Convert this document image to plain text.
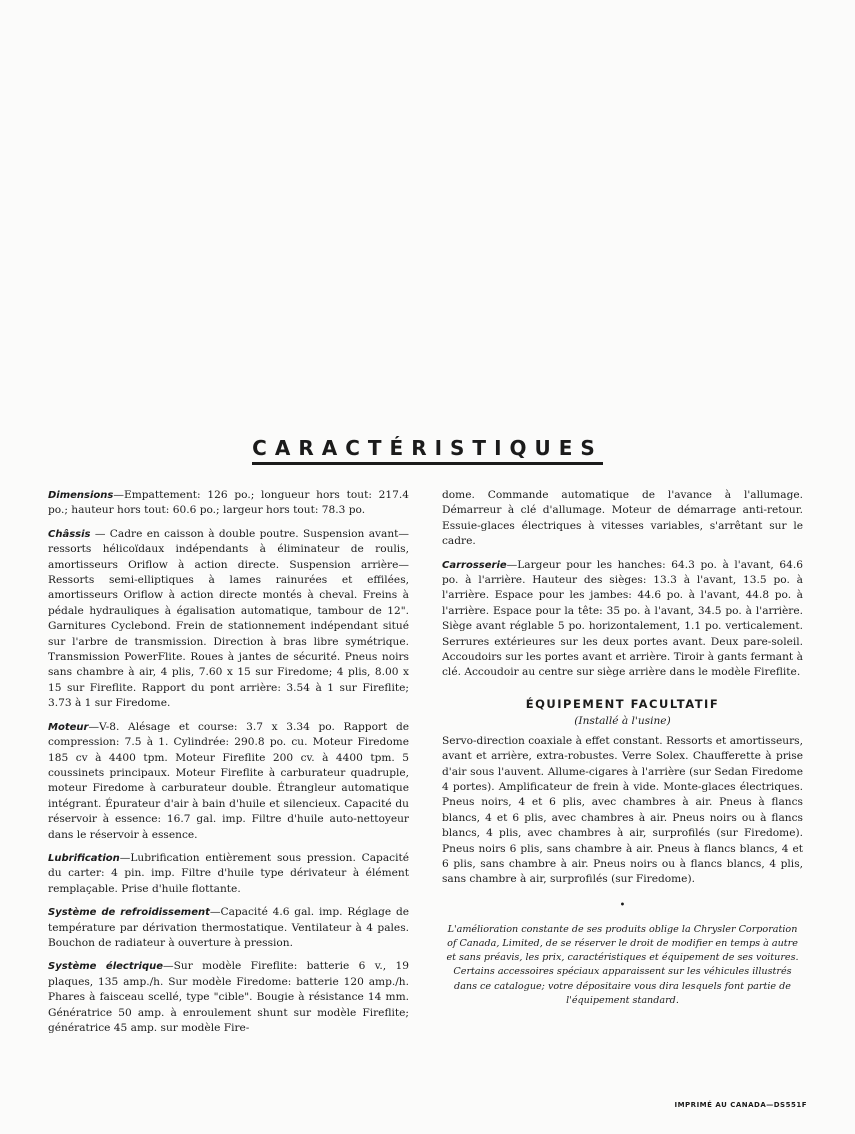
CARACTÉRISTIQUES

Dimensions—Empattement: 126 po.; longueur hors tout: 217.4 po.; hauteur hors tout: 60.6 po.; largeur hors tout: 78.3 po.

Châssis — Cadre en caisson à double poutre. Suspension avant—ressorts hélicoïdaux indépendants à éliminateur de roulis, amortisseurs Oriflow à action directe. Suspension arrière—Ressorts semi-elliptiques à lames rainurées et effilées, amortisseurs Oriflow à action directe montés à cheval. Freins à pédale hydrauliques à égalisation automatique, tambour de 12". Garnitures Cyclebond. Frein de stationnement indépendant situé sur l'arbre de transmission. Direction à bras libre symétrique. Transmission PowerFlite. Roues à jantes de sécurité. Pneus noirs sans chambre à air, 4 plis, 7.60 x 15 sur Firedome; 4 plis, 8.00 x 15 sur Fireflite. Rapport du pont arrière: 3.54 à 1 sur Fireflite; 3.73 à 1 sur Firedome.

Moteur—V-8. Alésage et course: 3.7 x 3.34 po. Rapport de compression: 7.5 à 1. Cylindrée: 290.8 po. cu. Moteur Firedome 185 cv à 4400 tpm. Moteur Fireflite 200 cv. à 4400 tpm. 5 coussinets principaux. Moteur Fireflite à carburateur quadruple, moteur Firedome à carburateur double. Étrangleur automatique intégrant. Épurateur d'air à bain d'huile et silencieux. Capacité du réservoir à essence: 16.7 gal. imp. Filtre d'huile auto-nettoyeur dans le réservoir à essence.

Lubrification—Lubrification entièrement sous pression. Capacité du carter: 4 pin. imp. Filtre d'huile type dérivateur à élément remplaçable. Prise d'huile flottante.

Système de refroidissement—Capacité 4.6 gal. imp. Réglage de température par dérivation thermostatique. Ventilateur à 4 pales. Bouchon de radiateur à ouverture à pression.

Système électrique—Sur modèle Fireflite: batterie 6 v., 19 plaques, 135 amp./h. Sur modèle Firedome: batterie 120 amp./h. Phares à faisceau scellé, type "cible". Bougie à résistance 14 mm. Génératrice 50 amp. à enroulement shunt sur modèle Fireflite; génératrice 45 amp. sur modèle Fire-

dome. Commande automatique de l'avance à l'allumage. Démarreur à clé d'allumage. Moteur de démarrage anti-retour. Essuie-glaces électriques à vitesses variables, s'arrêtant sur le cadre.

Carrosserie—Largeur pour les hanches: 64.3 po. à l'avant, 64.6 po. à l'arrière. Hauteur des sièges: 13.3 à l'avant, 13.5 po. à l'arrière. Espace pour les jambes: 44.6 po. à l'avant, 44.8 po. à l'arrière. Espace pour la tête: 35 po. à l'avant, 34.5 po. à l'arrière. Siège avant réglable 5 po. horizontalement, 1.1 po. verticalement. Serrures extérieures sur les deux portes avant. Deux pare-soleil. Accoudoirs sur les portes avant et arrière. Tiroir à gants fermant à clé. Accoudoir au centre sur siège arrière dans le modèle Fireflite.

ÉQUIPEMENT FACULTATIF
(Installé à l'usine)

Servo-direction coaxiale à effet constant. Ressorts et amortisseurs, avant et arrière, extra-robustes. Verre Solex. Chaufferette à prise d'air sous l'auvent. Allume-cigares à l'arrière (sur Sedan Firedome 4 portes). Amplificateur de frein à vide. Monte-glaces électriques. Pneus noirs, 4 et 6 plis, avec chambres à air. Pneus à flancs blancs, 4 et 6 plis, avec chambres à air. Pneus noirs ou à flancs blancs, 4 plis, avec chambres à air, surprofilés (sur Firedome). Pneus noirs 6 plis, sans chambre à air. Pneus à flancs blancs, 4 et 6 plis, sans chambre à air. Pneus noirs ou à flancs blancs, 4 plis, sans chambre à air, surprofilés (sur Firedome).

•

L'amélioration constante de ses produits oblige la Chrysler Corporation of Canada, Limited, de se réserver le droit de modifier en temps à autre et sans préavis, les prix, caractéristiques et équipement de ses voitures. Certains accessoires spéciaux apparaissent sur les véhicules illustrés dans ce catalogue; votre dépositaire vous dira lesquels font partie de l'équipement standard.

IMPRIMÉ AU CANADA—DS551F
